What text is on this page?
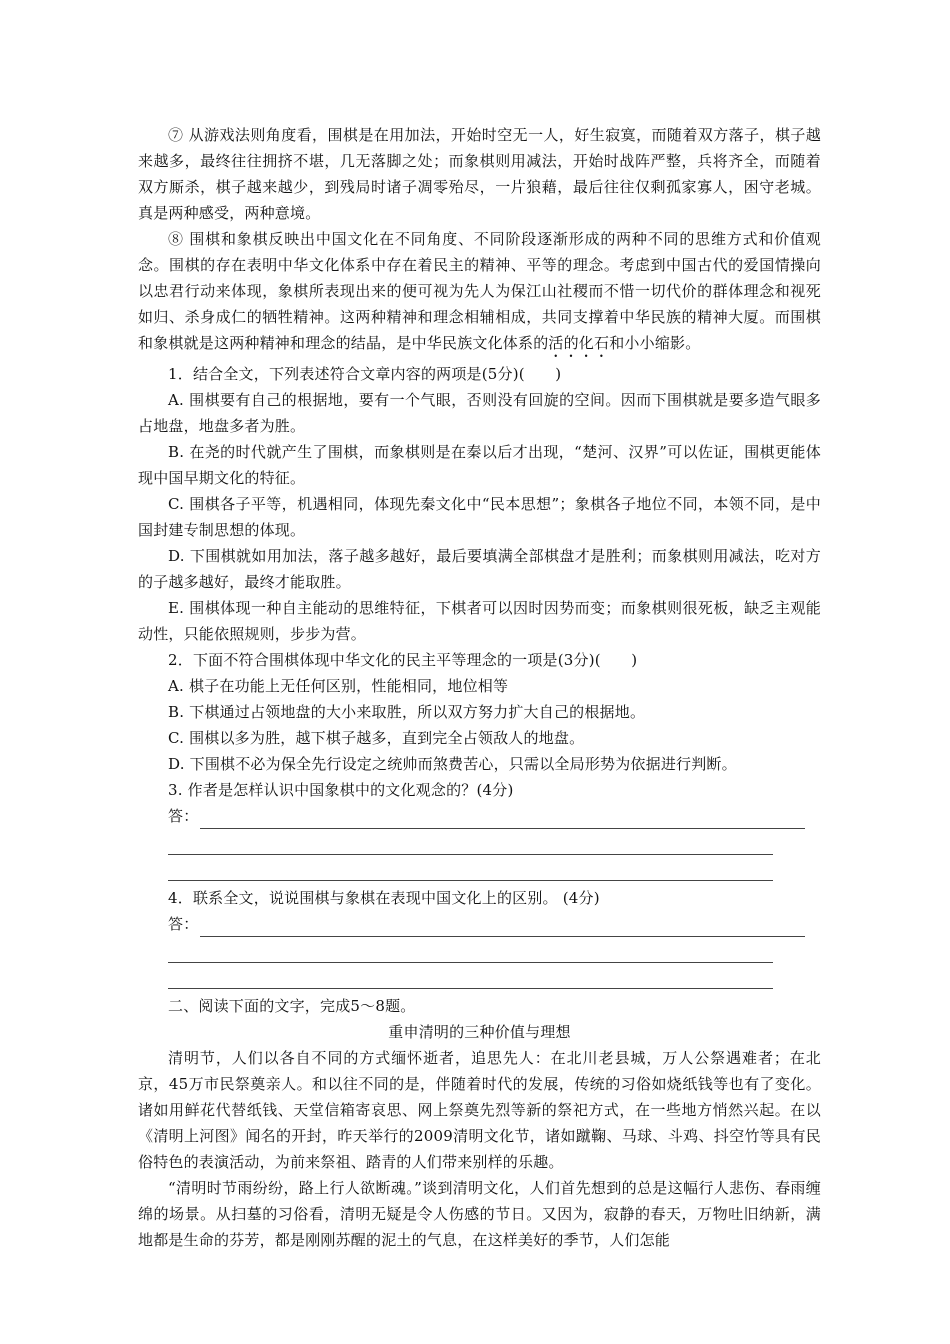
⑦ 从游戏法则角度看，围棋是在用加法，开始时空无一人，好生寂寞，而随着双方落子，棋子越来越多，最终往往拥挤不堪，几无落脚之处；而象棋则用减法，开始时战阵严整，兵将齐全，而随着双方厮杀，棋子越来越少，到残局时诸子凋零殆尽，一片狼藉，最后往往仅剩孤家寡人，困守老城。真是两种感受，两种意境。

⑧ 围棋和象棋反映出中国文化在不同角度、不同阶段逐渐形成的两种不同的思维方式和价值观念。围棋的存在表明中华文化体系中存在着民主的精神、平等的理念。考虑到中国古代的爱国情操向以忠君行动来体现，象棋所表现出来的便可视为先人为保江山社稷而不惜一切代价的群体理念和视死如归、杀身成仁的牺牲精神。这两种精神和理念相辅相成，共同支撑着中华民族的精神大厦。而围棋和象棋就是这两种精神和理念的结晶，是中华民族文化体系的活的化石和小小缩影。

1．结合全文，下列表述符合文章内容的两项是(5分)(　　)

A. 围棋要有自己的根据地，要有一个气眼，否则没有回旋的空间。因而下围棋就是要多造气眼多占地盘，地盘多者为胜。

B. 在尧的时代就产生了围棋，而象棋则是在秦以后才出现，“楚河、汉界”可以佐证，围棋更能体现中国早期文化的特征。

C. 围棋各子平等，机遇相同，体现先秦文化中“民本思想”；象棋各子地位不同，本领不同，是中国封建专制思想的体现。

D. 下围棋就如用加法，落子越多越好，最后要填满全部棋盘才是胜利；而象棋则用减法，吃对方的子越多越好，最终才能取胜。

E. 围棋体现一种自主能动的思维特征，下棋者可以因时因势而变；而象棋则很死板，缺乏主观能动性，只能依照规则，步步为营。

2．下面不符合围棋体现中华文化的民主平等理念的一项是(3分)(　　)

A. 棋子在功能上无任何区别，性能相同，地位相等

B. 下棋通过占领地盘的大小来取胜，所以双方努力扩大自己的根据地。

C. 围棋以多为胜，越下棋子越多，直到完全占领敌人的地盘。

D. 下围棋不必为保全先行设定之统帅而煞费苦心，只需以全局形势为依据进行判断。

3. 作者是怎样认识中国象棋中的文化观念的？(4分)

答：

4．联系全文，说说围棋与象棋在表现中国文化上的区别。 (4分)

答：

二、阅读下面的文字，完成5～8题。

重申清明的三种价值与理想

清明节，人们以各自不同的方式缅怀逝者，追思先人：在北川老县城，万人公祭遇难者；在北京，45万市民祭奠亲人。和以往不同的是，伴随着时代的发展，传统的习俗如烧纸钱等也有了变化。诸如用鲜花代替纸钱、天堂信箱寄哀思、网上祭奠先烈等新的祭祀方式，在一些地方悄然兴起。在以《清明上河图》闻名的开封，昨天举行的2009清明文化节，诸如蹴鞠、马球、斗鸡、抖空竹等具有民俗特色的表演活动，为前来祭祖、踏青的人们带来别样的乐趣。

“清明时节雨纷纷，路上行人欲断魂。”谈到清明文化，人们首先想到的总是这幅行人悲伤、春雨缠绵的场景。从扫墓的习俗看，清明无疑是令人伤感的节日。又因为，寂静的春天，万物吐旧纳新，满地都是生命的芬芳，都是刚刚苏醒的泥土的气息，在这样美好的季节，人们怎能
